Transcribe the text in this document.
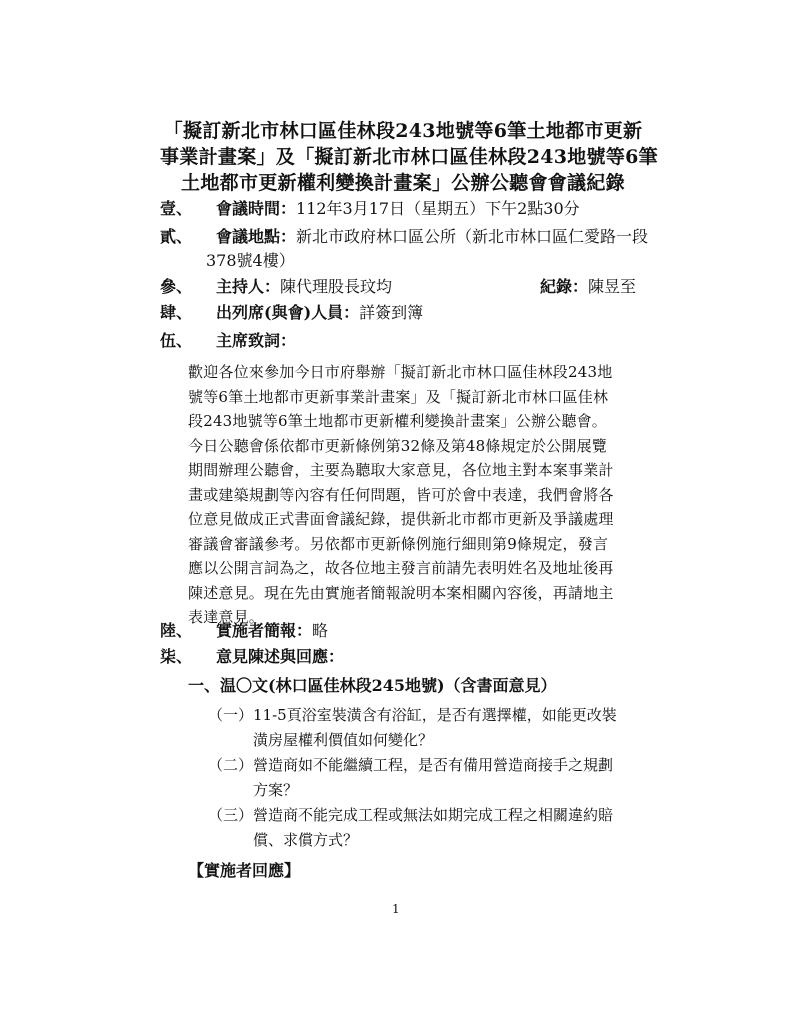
「擬訂新北市林口區佳林段243地號等6筆土地都市更新
事業計畫案」及「擬訂新北市林口區佳林段243地號等6筆
土地都市更新權利變換計畫案」公辦公聽會會議紀錄
壹、 會議時間：112年3月17日（星期五）下午2點30分
貳、 會議地點：新北市政府林口區公所（新北市林口區仁愛路一段
378號4樓）
參、 主持人：陳代理股長玟均	紀錄：陳昱至
肆、 出列席(與會)人員：詳簽到簿
伍、 主席致詞：
歡迎各位來參加今日市府舉辦「擬訂新北市林口區佳林段243地
號等6筆土地都市更新事業計畫案」及「擬訂新北市林口區佳林
段243地號等6筆土地都市更新權利變換計畫案」公辦公聽會。
今日公聽會係依都市更新條例第32條及第48條規定於公開展覽
期間辦理公聽會，主要為聽取大家意見，各位地主對本案事業計
畫或建築規劃等內容有任何問題，皆可於會中表達，我們會將各
位意見做成正式書面會議紀錄，提供新北市都市更新及爭議處理
審議會審議參考。另依都市更新條例施行細則第9條規定，發言
應以公開言詞為之，故各位地主發言前請先表明姓名及地址後再
陳述意見。現在先由實施者簡報說明本案相關內容後，再請地主
表達意見。
陸、 實施者簡報：略
柒、 意見陳述與回應：
一、温〇文(林口區佳林段245地號)（含書面意見）
（一）11-5頁浴室裝潢含有浴缸，是否有選擇權，如能更改裝
潢房屋權利價值如何變化？
（二）營造商如不能繼續工程，是否有備用營造商接手之規劃
方案？
（三）營造商不能完成工程或無法如期完成工程之相關違約賠
償、求償方式？
【實施者回應】
1
